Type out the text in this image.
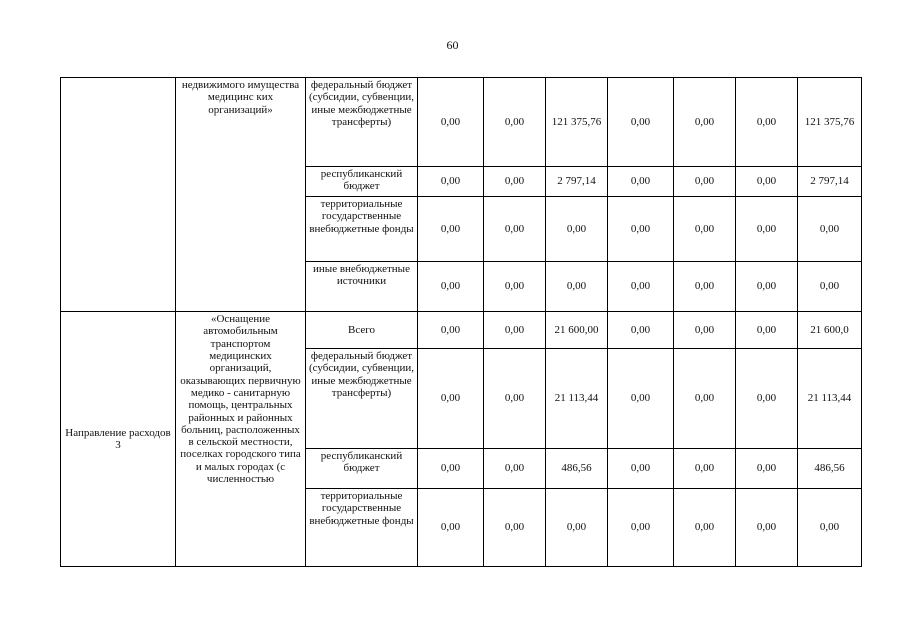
60
	недвижимого имущества медицинс ких организаций»	федеральный бюджет (субсидии, субвенции, иные межбюджетные трансферты)	0,00	0,00	121 375,76	0,00	0,00	0,00	121 375,76
		республиканский бюджет	0,00	0,00	2 797,14	0,00	0,00	0,00	2 797,14
		территориальные государственные внебюджетные фонды	0,00	0,00	0,00	0,00	0,00	0,00	0,00
		иные внебюджетные источники	0,00	0,00	0,00	0,00	0,00	0,00	0,00
Направление расходов 3	«Оснащение автомобильным транспортом медицинских организаций, оказывающих первичную медико - санитарную помощь, центральных районных и районных больниц, расположенных в сельской местности, поселках городского типа и малых городах (с численностью	Всего	0,00	0,00	21 600,00	0,00	0,00	0,00	21 600,0
		федеральный бюджет (субсидии, субвенции, иные межбюджетные трансферты)	0,00	0,00	21 113,44	0,00	0,00	0,00	21 113,44
		республиканский бюджет	0,00	0,00	486,56	0,00	0,00	0,00	486,56
		территориальные государственные внебюджетные фонды	0,00	0,00	0,00	0,00	0,00	0,00	0,00
